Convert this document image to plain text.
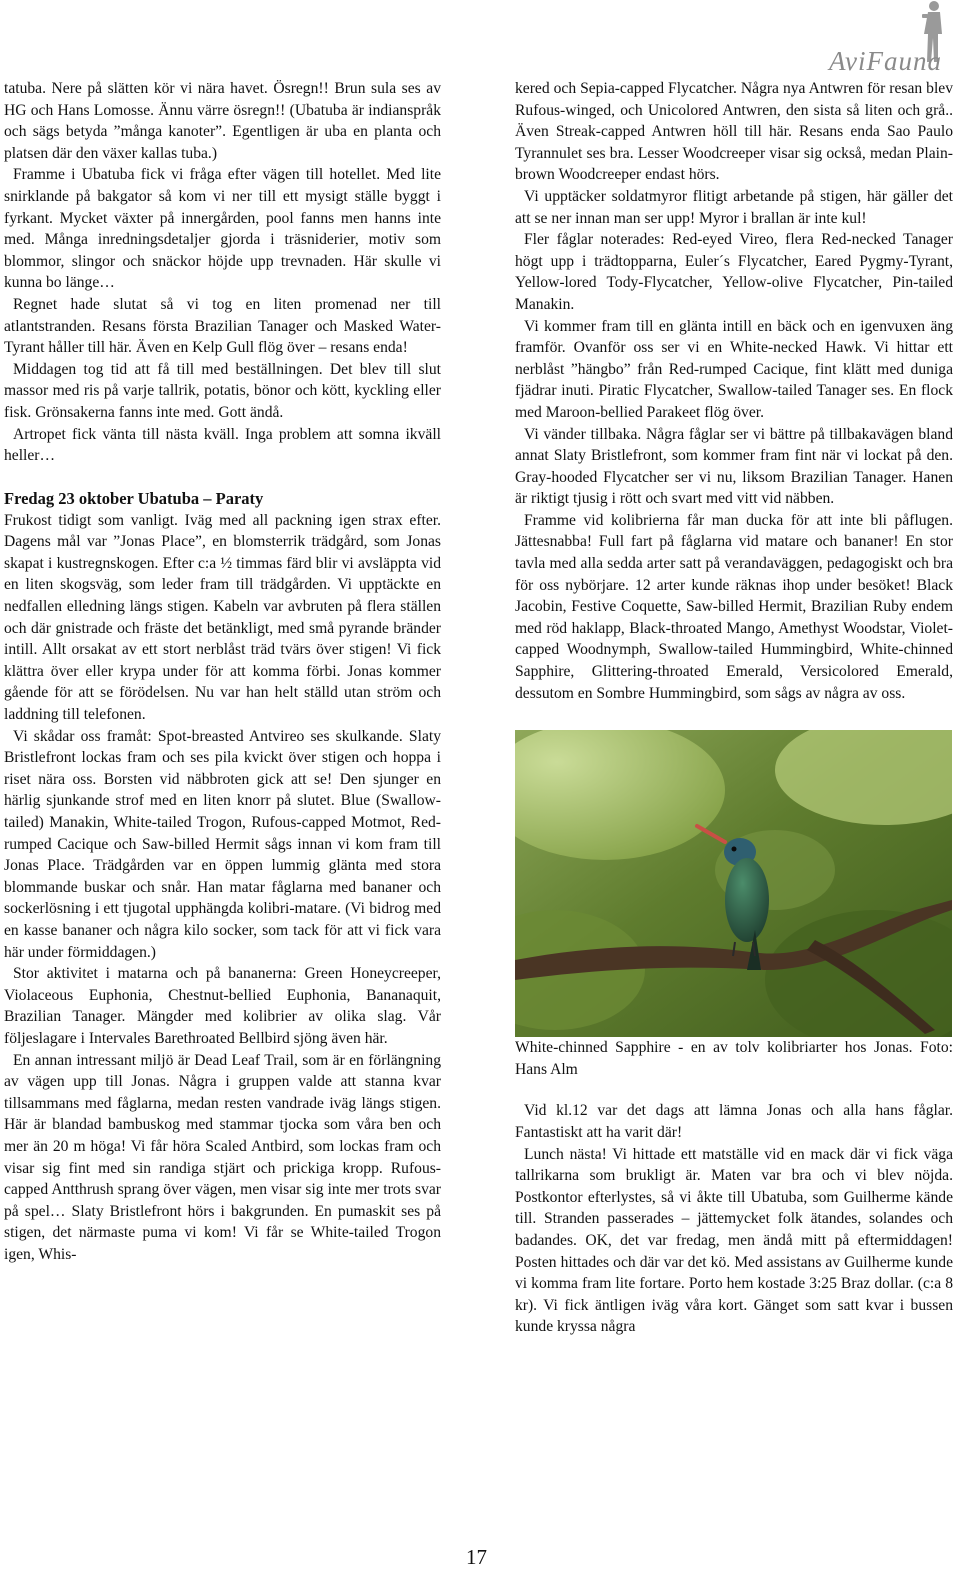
AviFauna

tatuba. Nere på slätten kör vi nära havet. Ösregn!! Brun sula ses av HG och Hans Lomosse. Ännu värre ösregn!! (Ubatuba är indianspråk och sägs betyda ”många kanoter”. Egentligen är uba en planta och platsen där den växer kallas tuba.)

Framme i Ubatuba fick vi fråga efter vägen till hotellet. Med lite snirklande på bakgator så kom vi ner till ett mysigt ställe byggt i fyrkant. Mycket växter på innergården, pool fanns men hanns inte med. Många inredningsdetaljer gjorda i träsniderier, motiv som blommor, slingor och snäckor höjde upp trevnaden. Här skulle vi kunna bo länge…

Regnet hade slutat så vi tog en liten promenad ner till atlantstranden. Resans första Brazilian Tanager och Masked Water-Tyrant håller till här. Även en Kelp Gull flög över – resans enda!

Middagen tog tid att få till med beställningen. Det blev till slut massor med ris på varje tallrik, potatis, bönor och kött, kyckling eller fisk. Grönsakerna fanns inte med. Gott ändå.

Artropet fick vänta till nästa kväll. Inga problem att somna ikväll heller…

Fredag 23 oktober Ubatuba – Paraty

Frukost tidigt som vanligt. Iväg med all packning igen strax efter. Dagens mål var ”Jonas Place”, en blomsterrik trädgård, som Jonas skapat i kustregnskogen. Efter c:a ½ timmas färd blir vi avsläppta vid en liten skogsväg, som leder fram till trädgården. Vi upptäckte en nedfallen elledning längs stigen. Kabeln var avbruten på flera ställen och där gnistrade och fräste det betänkligt, med små pyrande bränder intill. Allt orsakat av ett stort nerblåst träd tvärs över stigen! Vi fick klättra över eller krypa under för att komma förbi. Jonas kommer gående för att se förödelsen. Nu var han helt ställd utan ström och laddning till telefonen.

Vi skådar oss framåt: Spot-breasted Antvireo ses skulkande. Slaty Bristlefront lockas fram och ses pila kvickt över stigen och hoppa i riset nära oss. Borsten vid näbbroten gick att se! Den sjunger en härlig sjunkande strof med en liten knorr på slutet. Blue (Swallow-tailed) Manakin, White-tailed Trogon, Rufous-capped Motmot, Red-rumped Cacique och Saw-billed Hermit sågs innan vi kom fram till Jonas Place. Trädgården var en öppen lummig glänta med stora blommande buskar och snår. Han matar fåglarna med bananer och sockerlösning i ett tjugotal upphängda kolibri-matare. (Vi bidrog med en kasse bananer och några kilo socker, som tack för att vi fick vara här under förmiddagen.)

Stor aktivitet i matarna och på bananerna: Green Honeycreeper, Violaceous Euphonia, Chestnut-bellied Euphonia, Bananaquit, Brazilian Tanager. Mängder med kolibrier av olika slag. Vår följeslagare i Intervales Barethroated Bellbird sjöng även här.

En annan intressant miljö är Dead Leaf Trail, som är en förlängning av vägen upp till Jonas. Några i gruppen valde att stanna kvar tillsammans med fåglarna, medan resten vandrade iväg längs stigen. Här är blandad bambuskog med stammar tjocka som våra ben och mer än 20 m höga! Vi får höra Scaled Antbird, som lockas fram och visar sig fint med sin randiga stjärt och prickiga kropp. Rufous-capped Antthrush sprang över vägen, men visar sig inte mer trots svar på spel… Slaty Bristlefront hörs i bakgrunden. En pumaskit ses på stigen, det närmaste puma vi kom! Vi får se White-tailed Trogon igen, Whis-

kered och Sepia-capped Flycatcher. Några nya Antwren för resan blev Rufous-winged, och Unicolored Antwren, den sista så liten och grå.. Även Streak-capped Antwren höll till här. Resans enda Sao Paulo Tyrannulet ses bra. Lesser Woodcreeper visar sig också, medan Plain-brown Woodcreeper endast hörs.

Vi upptäcker soldatmyror flitigt arbetande på stigen, här gäller det att se ner innan man ser upp! Myror i brallan är inte kul!

Fler fåglar noterades: Red-eyed Vireo, flera Red-necked Tanager högt upp i trädtopparna, Euler´s Flycatcher, Eared Pygmy-Tyrant, Yellow-lored Tody-Flycatcher, Yellow-olive Flycatcher, Pin-tailed Manakin.

Vi kommer fram till en glänta intill en bäck och en igenvuxen äng framför. Ovanför oss ser vi en White-necked Hawk. Vi hittar ett nerblåst ”hängbo” från Red-rumped Cacique, fint klätt med duniga fjädrar inuti. Piratic Flycatcher, Swallow-tailed Tanager ses. En flock med Maroon-bellied Parakeet flög över.

Vi vänder tillbaka. Några fåglar ser vi bättre på tillbakavägen bland annat Slaty Bristlefront, som kommer fram fint när vi lockat på den. Gray-hooded Flycatcher ser vi nu, liksom Brazilian Tanager. Hanen är riktigt tjusig i rött och svart med vitt vid näbben.

Framme vid kolibrierna får man ducka för att inte bli påflugen. Jättesnabba! Full fart på fåglarna vid matare och bananer! En stor tavla med alla sedda arter satt på verandaväggen, pedagogiskt och bra för oss nybörjare. 12 arter kunde räknas ihop under besöket! Black Jacobin, Festive Coquette, Saw-billed Hermit, Brazilian Ruby endem med röd haklapp, Black-throated Mango, Amethyst Woodstar, Violet-capped Woodnymph, Swallow-tailed Hummingbird, White-chinned Sapphire, Glittering-throated Emerald, Versicolored Emerald, dessutom en Sombre Hummingbird, som sågs av några av oss.

White-chinned Sapphire - en av tolv kolibriarter hos Jonas. Foto: Hans Alm

Vid kl.12 var det dags att lämna Jonas och alla hans fåglar. Fantastiskt att ha varit där!

Lunch nästa! Vi hittade ett matställe vid en mack där vi fick väga tallrikarna som brukligt är. Maten var bra och vi blev nöjda. Postkontor efterlystes, så vi åkte till Ubatuba, som Guilherme kände till. Stranden passerades – jättemycket folk ätandes, solandes och badandes. OK, det var fredag, men ändå mitt på eftermiddagen! Posten hittades och där var det kö. Med assistans av Guilherme kunde vi komma fram lite fortare. Porto hem kostade 3:25 Braz dollar. (c:a 8 kr). Vi fick äntligen iväg våra kort. Gänget som satt kvar i bussen kunde kryssa några

17
